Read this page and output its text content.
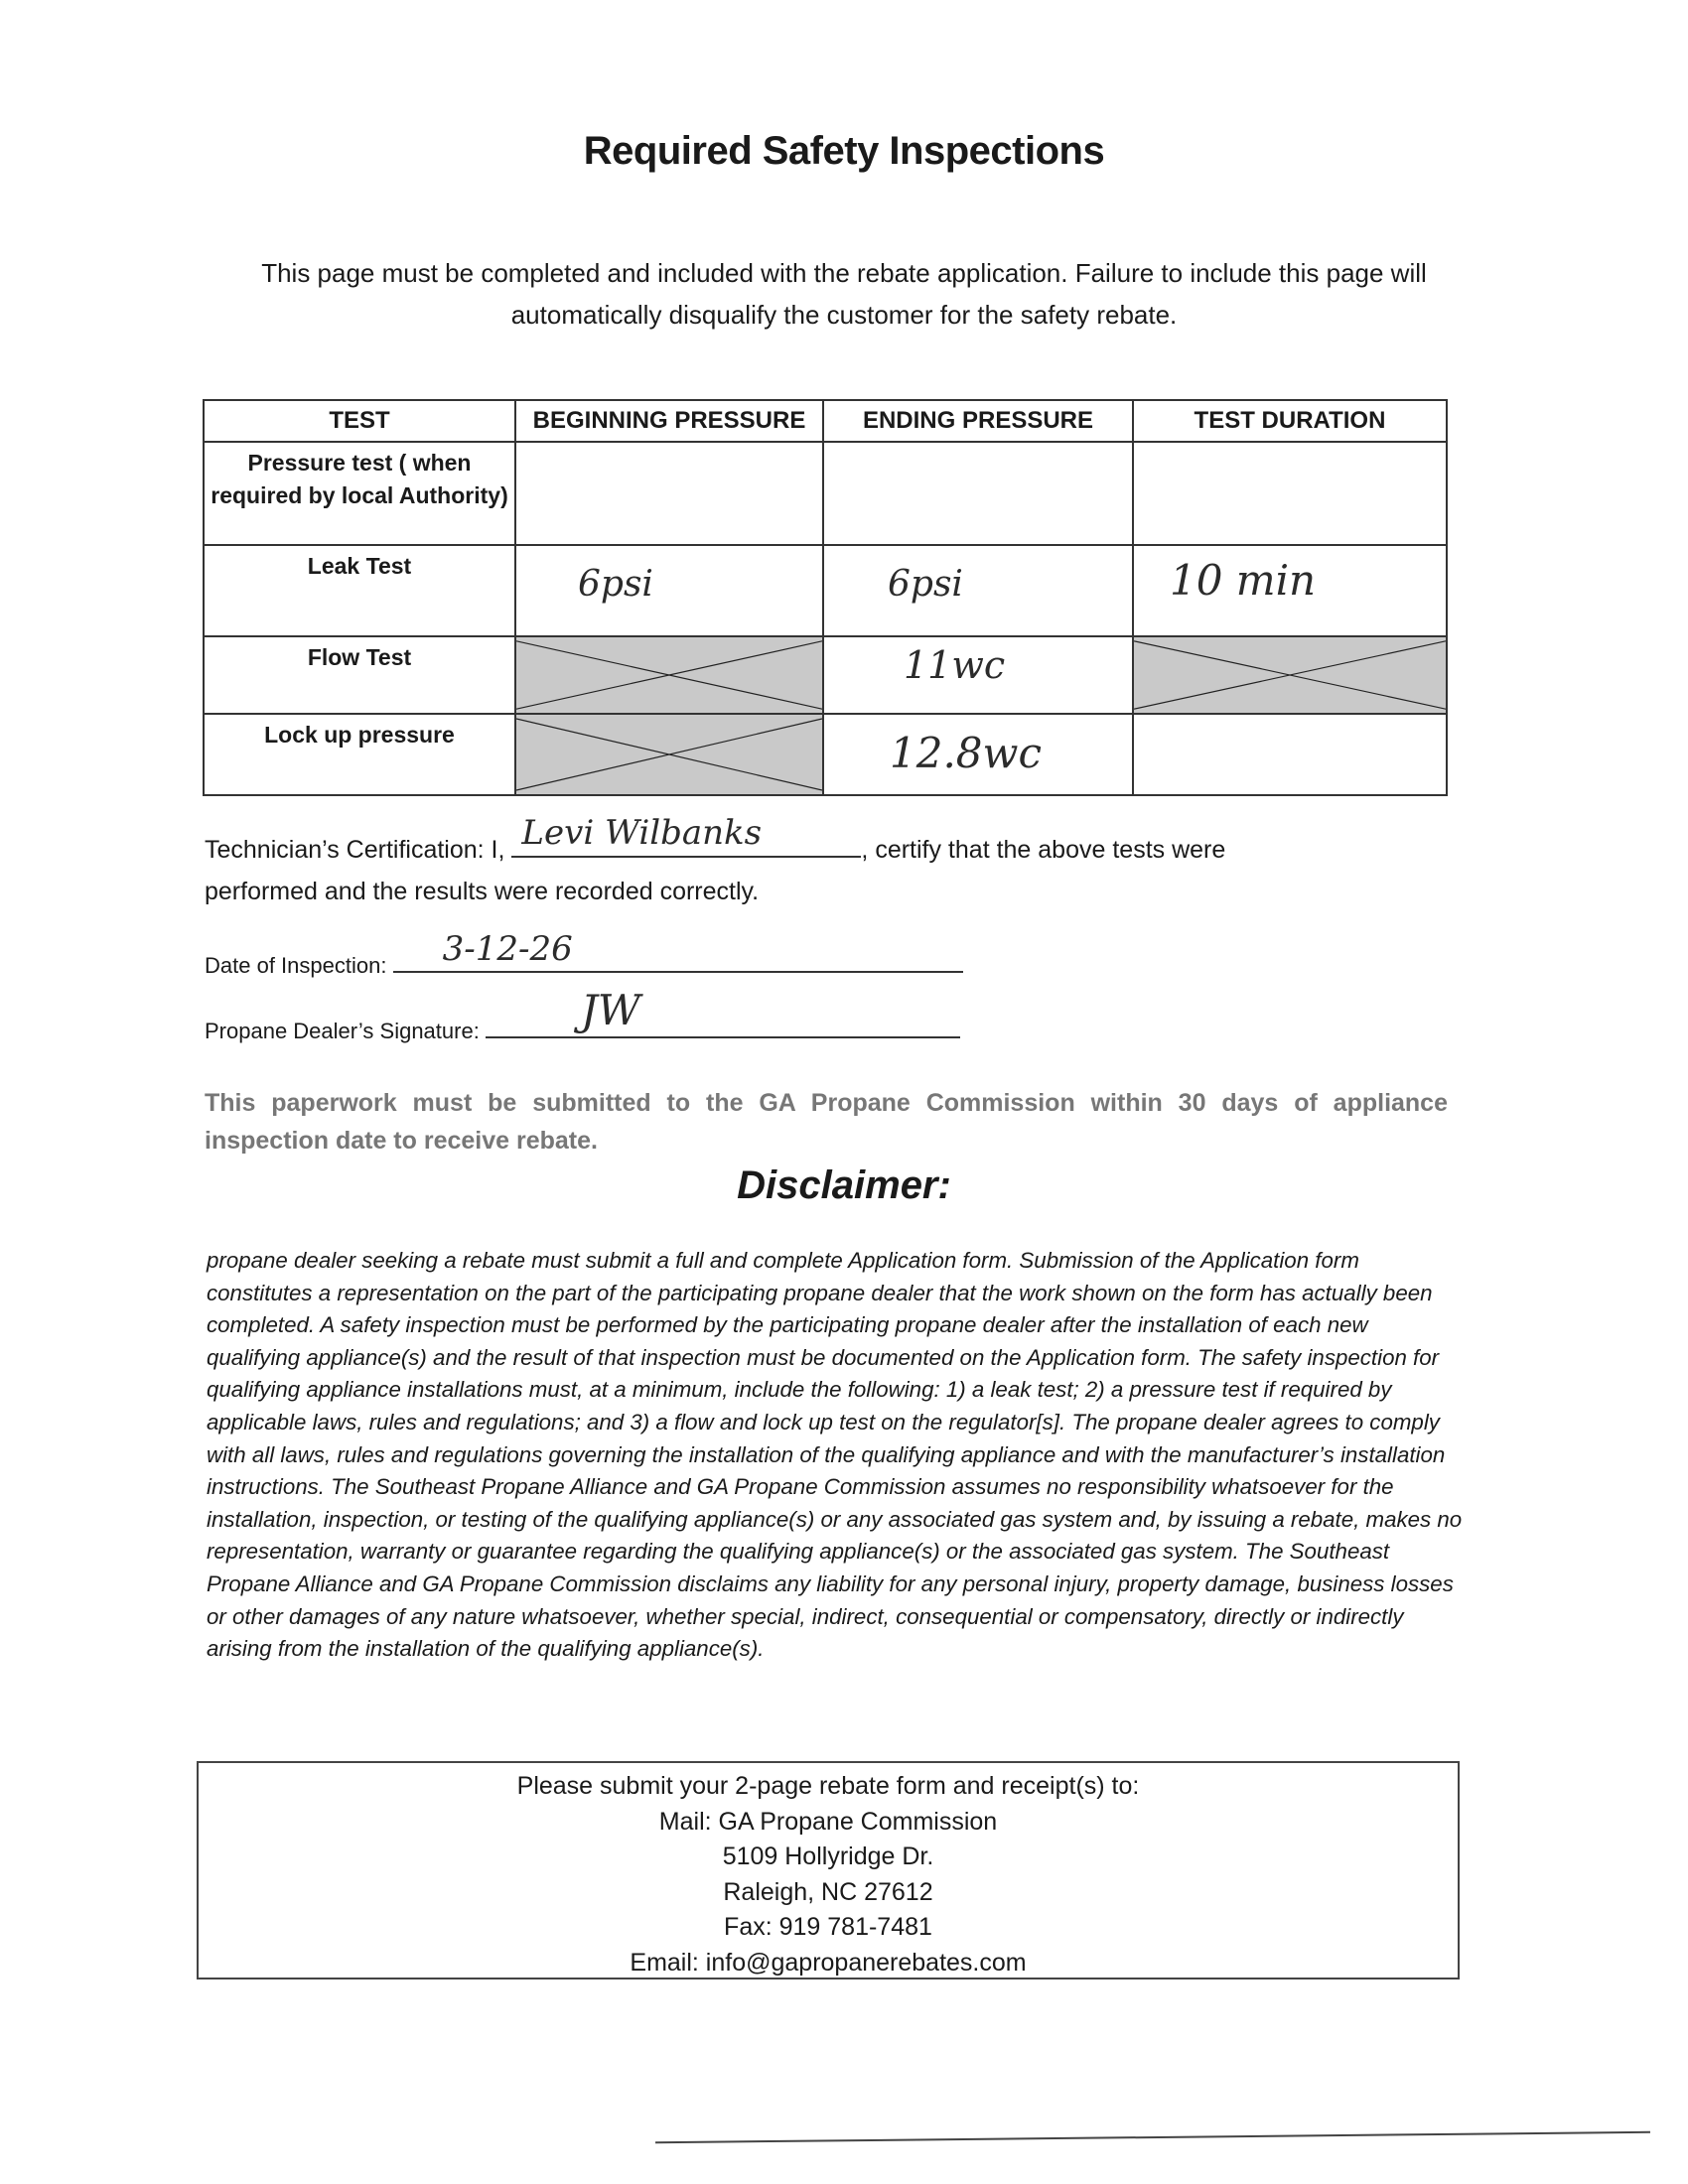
Required Safety Inspections
This page must be completed and included with the rebate application. Failure to include this page will automatically disqualify the customer for the safety rebate.
TEST	BEGINNING PRESSURE	ENDING PRESSURE	TEST DURATION
Pressure test ( when required by local Authority)	

Leak Test	6psi	6psi	10 min

Flow Test		11wc

Lock up pressure		12.8wc	

Technician’s Certification: I, Levi Wilbanks	, certify that the above tests were
performed and the results were recorded correctly.
Date of Inspection: 3-12-26
Propane Dealer’s Signature: JW
This paperwork must be submitted to the GA Propane Commission within 30 days of appliance inspection date to receive rebate.
Disclaimer:
propane dealer seeking a rebate must submit a full and complete Application form. Submission of the Application form constitutes a representation on the part of the participating propane dealer that the work shown on the form has actually been completed. A safety inspection must be performed by the participating propane dealer after the installation of each new qualifying appliance(s) and the result of that inspection must be documented on the Application form. The safety inspection for qualifying appliance installations must, at a minimum, include the following: 1) a leak test; 2) a pressure test if required by applicable laws, rules and regulations; and 3) a flow and lock up test on the regulator[s]. The propane dealer agrees to comply with all laws, rules and regulations governing the installation of the qualifying appliance and with the manufacturer’s installation instructions. The Southeast Propane Alliance and GA Propane Commission assumes no responsibility whatsoever for the installation, inspection, or testing of the qualifying appliance(s) or any associated gas system and, by issuing a rebate, makes no representation, warranty or guarantee regarding the qualifying appliance(s) or the associated gas system. The Southeast Propane Alliance and GA Propane Commission disclaims any liability for any personal injury, property damage, business losses or other damages of any nature whatsoever, whether special, indirect, consequential or compensatory, directly or indirectly arising from the installation of the qualifying appliance(s).
Please submit your 2-page rebate form and receipt(s) to:
Mail: GA Propane Commission
5109 Hollyridge Dr.
Raleigh, NC 27612
Fax: 919 781-7481
Email: info@gapropanerebates.com
